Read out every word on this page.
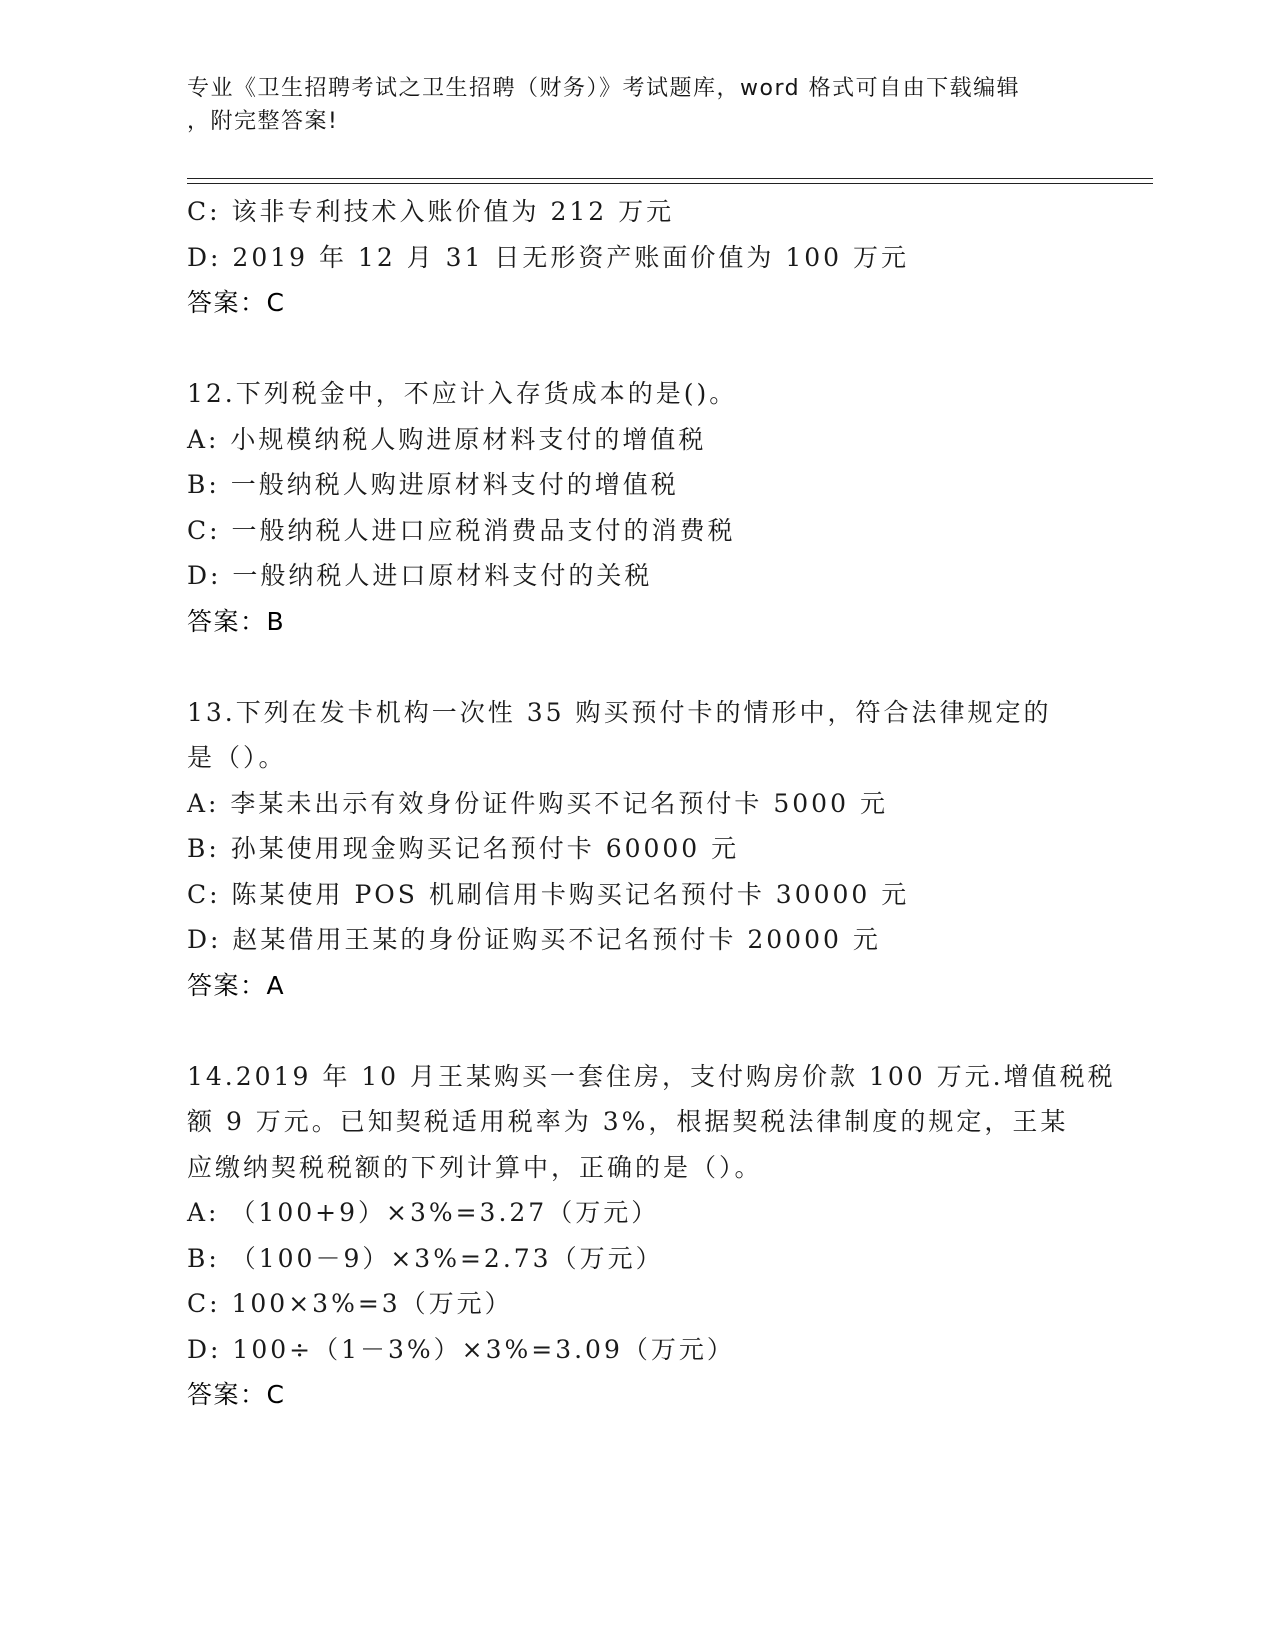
专业《卫生招聘考试之卫生招聘（财务）》考试题库，word 格式可自由下载编辑
，附完整答案!
C: 该非专利技术入账价值为 212 万元
D: 2019 年 12 月 31 日无形资产账面价值为 100 万元
答案：C
12.下列税金中，不应计入存货成本的是()。
A: 小规模纳税人购进原材料支付的增值税
B: 一般纳税人购进原材料支付的增值税
C: 一般纳税人进口应税消费品支付的消费税
D: 一般纳税人进口原材料支付的关税
答案：B
13.下列在发卡机构一次性 35 购买预付卡的情形中，符合法律规定的
是（）。
A: 李某未出示有效身份证件购买不记名预付卡 5000 元
B: 孙某使用现金购买记名预付卡 60000 元
C: 陈某使用 POS 机刷信用卡购买记名预付卡 30000 元
D: 赵某借用王某的身份证购买不记名预付卡 20000 元
答案：A
14.2019 年 10 月王某购买一套住房，支付购房价款 100 万元.增值税税
额 9 万元。已知契税适用税率为 3%，根据契税法律制度的规定，王某
应缴纳契税税额的下列计算中，正确的是（）。
A: （100+9）×3%=3.27（万元）
B: （100－9）×3%=2.73（万元）
C: 100×3%=3（万元）
D: 100÷（1－3%）×3%=3.09（万元）
答案：C
